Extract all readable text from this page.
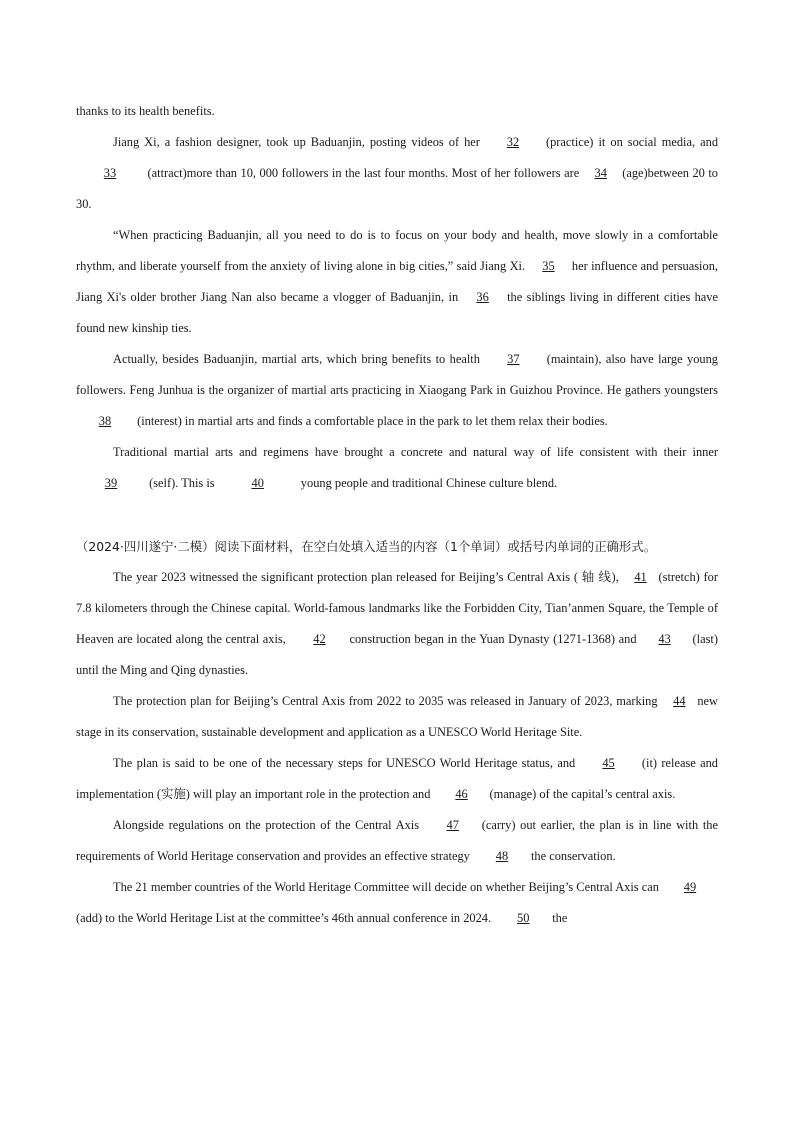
thanks to its health benefits.

Jiang Xi, a fashion designer, took up Baduanjin, posting videos of her 32 (practice) it on social media, and 33 (attract)more than 10, 000 followers in the last four months. Most of her followers are 34 (age)between 20 to 30.

“When practicing Baduanjin, all you need to do is to focus on your body and health, move slowly in a comfortable rhythm, and liberate yourself from the anxiety of living alone in big cities,” said Jiang Xi. 35 her influence and persuasion, Jiang Xi's older brother Jiang Nan also became a vlogger of Baduanjin, in 36 the siblings living in different cities have found new kinship ties.

Actually, besides Baduanjin, martial arts, which bring benefits to health 37 (maintain), also have large young followers. Feng Junhua is the organizer of martial arts practicing in Xiaogang Park in Guizhou Province. He gathers youngsters 38 (interest) in martial arts and finds a comfortable place in the park to let them relax their bodies.

Traditional martial arts and regimens have brought a concrete and natural way of life consistent with their inner 39 (self). This is	40	young people and traditional Chinese culture blend.

（2024·四川遂宁·二模）阅读下面材料，在空白处填入适当的内容（1个单词）或括号内单词的正确形式。

The year 2023 witnessed the significant protection plan released for Beijing’s Central Axis ( 轴 线), 41 (stretch) for 7.8 kilometers through the Chinese capital. World-famous landmarks like the Forbidden City, Tian’anmen Square, the Temple of Heaven are located along the central axis, 42 construction began in the Yuan Dynasty (1271-1368) and 43 (last) until the Ming and Qing dynasties.

The protection plan for Beijing’s Central Axis from 2022 to 2035 was released in January of 2023, marking 44 new stage in its conservation, sustainable development and application as a UNESCO World Heritage Site.

The plan is said to be one of the necessary steps for UNESCO World Heritage status, and 45 (it) release and implementation (实施) will play an important role in the protection and 46 (manage) of the capital’s central axis.

Alongside regulations on the protection of the Central Axis 47 (carry) out earlier, the plan is in line with the requirements of World Heritage conservation and provides an effective strategy 48 the conservation.

The 21 member countries of the World Heritage Committee will decide on whether Beijing’s Central Axis can 49(add) to the World Heritage List at the committee’s 46th annual conference in 2024. 50 the
